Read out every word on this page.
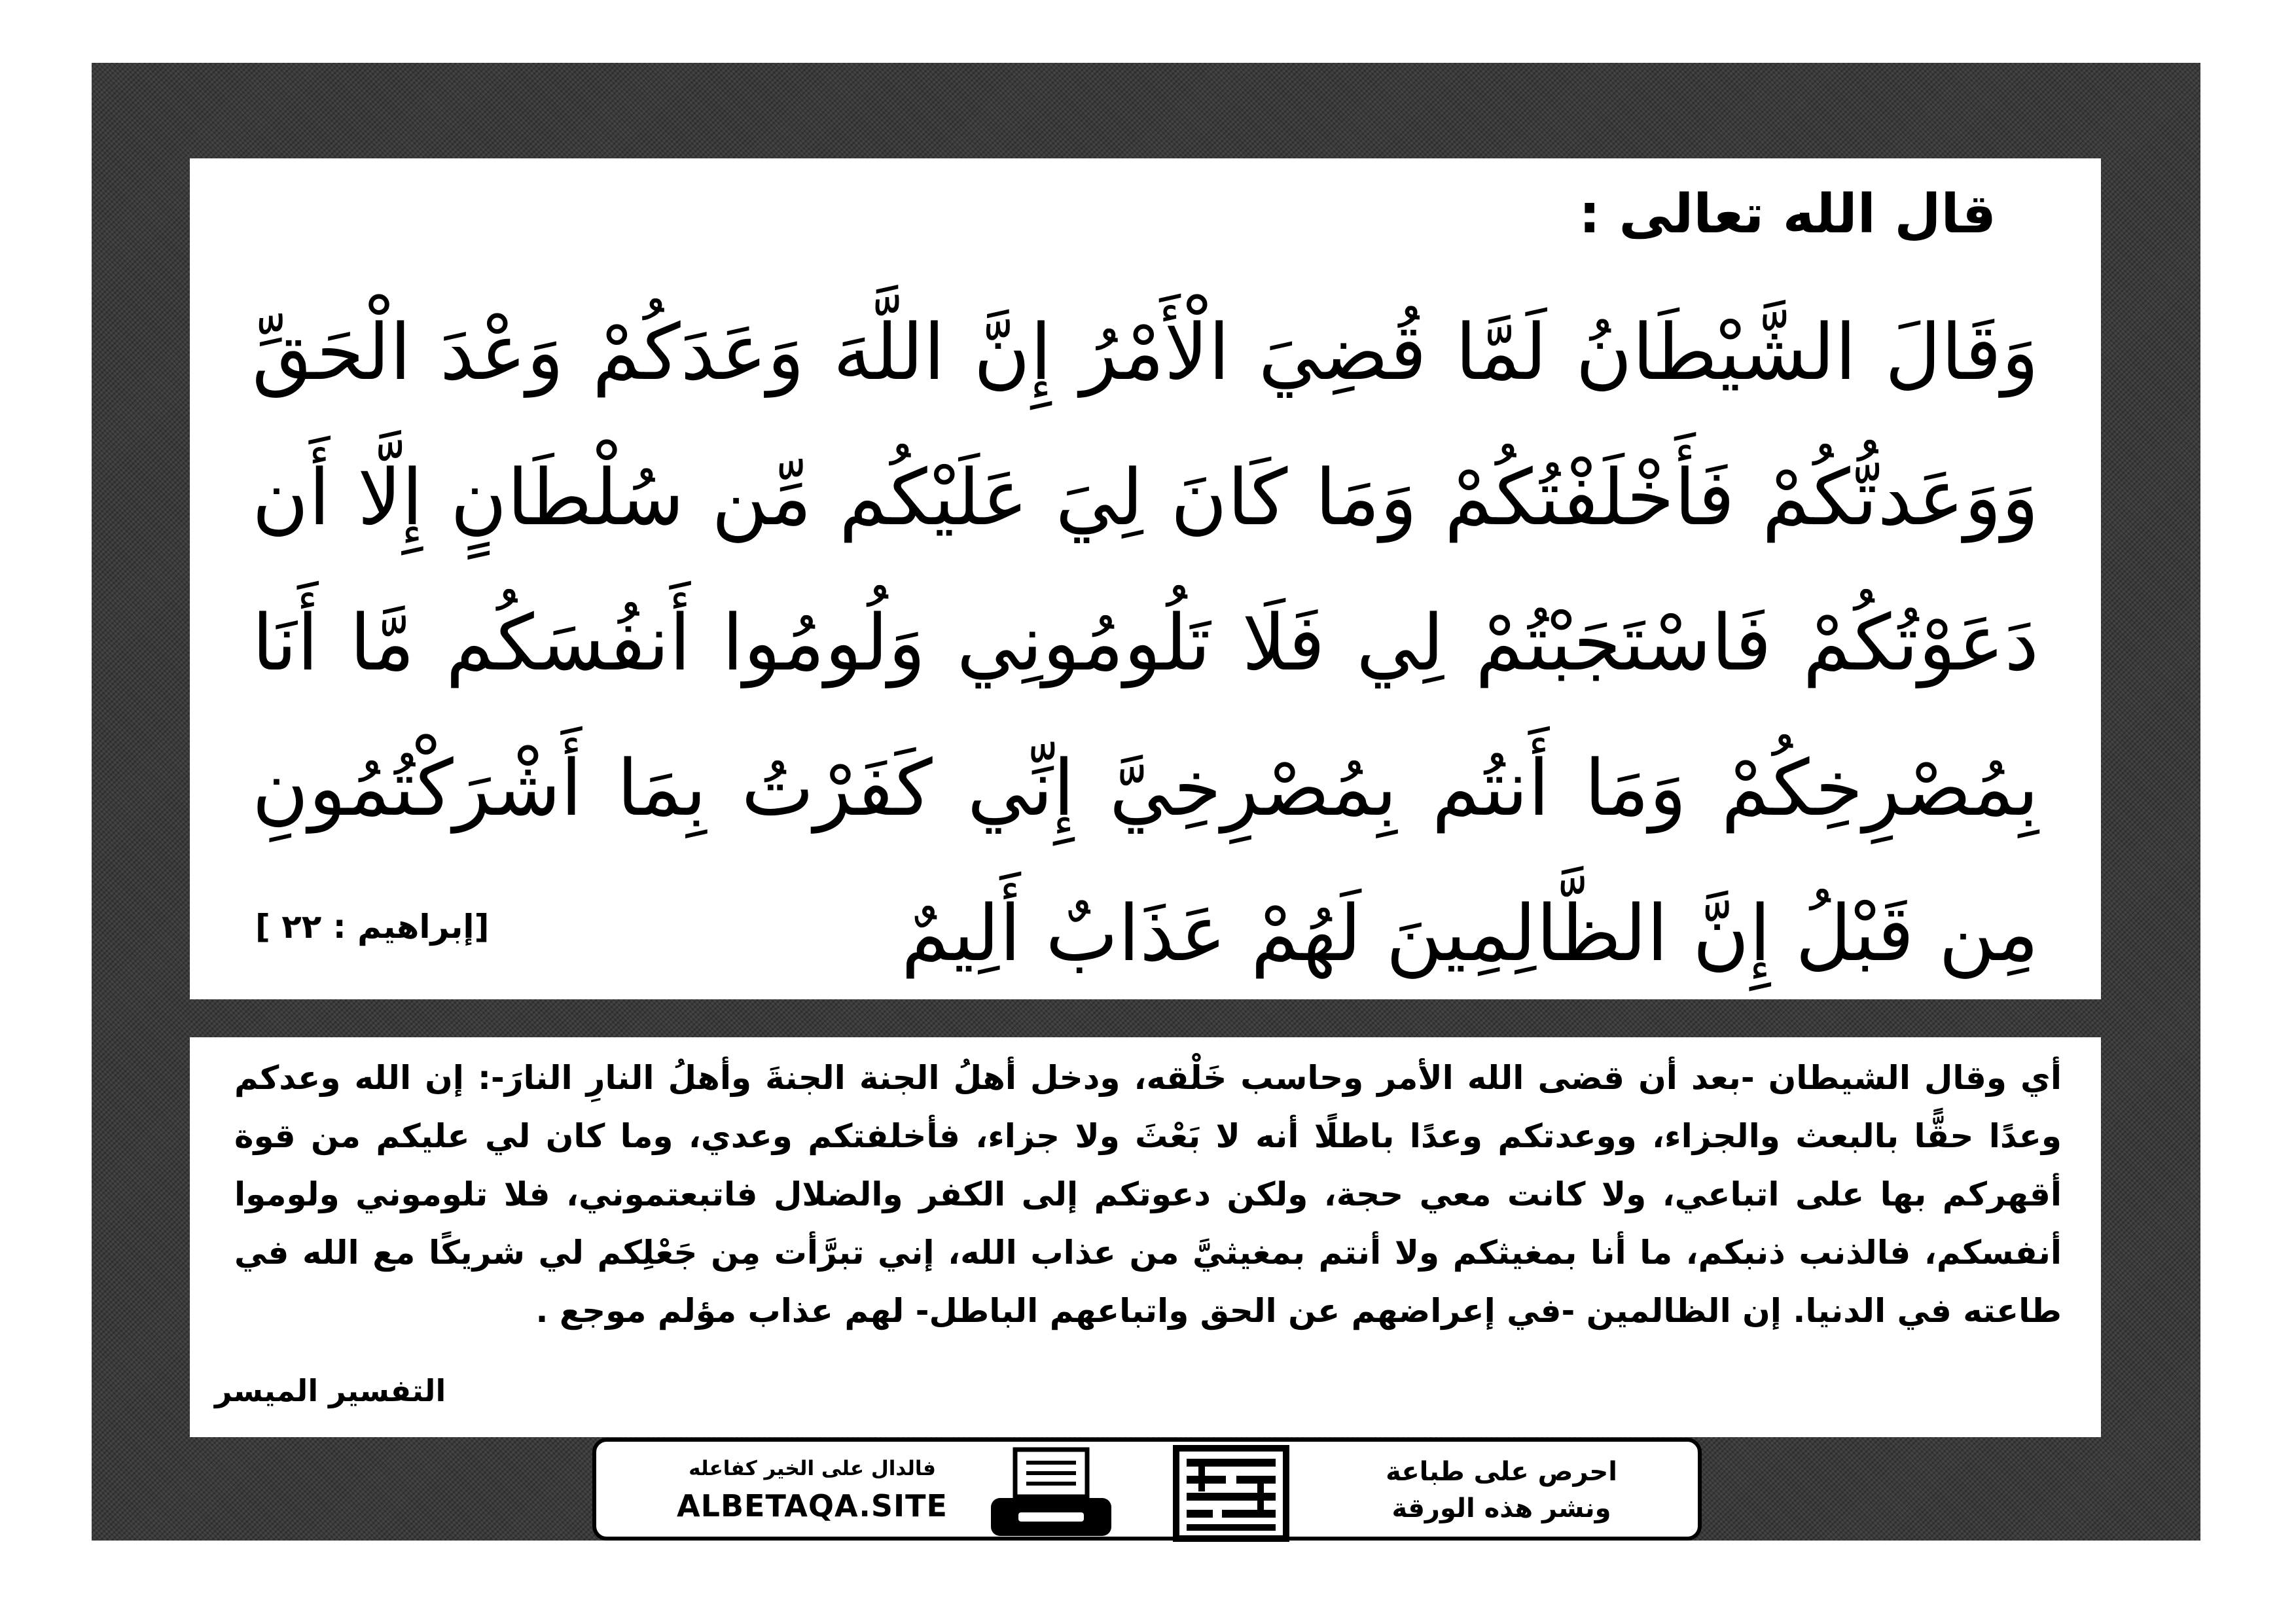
قال الله تعالى :
وَقَالَ الشَّيْطَانُ لَمَّا قُضِيَ الْأَمْرُ إِنَّ اللَّهَ وَعَدَكُمْ وَعْدَ الْحَقِّ وَوَعَدتُّكُمْ فَأَخْلَفْتُكُمْ وَمَا كَانَ لِيَ عَلَيْكُم مِّن سُلْطَانٍ إِلَّا أَن دَعَوْتُكُمْ فَاسْتَجَبْتُمْ لِي فَلَا تَلُومُونِي وَلُومُوا أَنفُسَكُم مَّا أَنَا بِمُصْرِخِكُمْ وَمَا أَنتُم بِمُصْرِخِيَّ إِنِّي كَفَرْتُ بِمَا أَشْرَكْتُمُونِ مِن قَبْلُ إِنَّ الظَّالِمِينَ لَهُمْ عَذَابٌ أَلِيمٌ
[إبراهيم : ٢٢ ]
أي وقال الشيطان -بعد أن قضى الله الأمر وحاسب خَلْقه، ودخل أهلُ الجنة الجنةَ وأهلُ النارِ النارَ-: إن الله وعدكم وعدًا حقًّا بالبعث والجزاء، ووعدتكم وعدًا باطلًا أنه لا بَعْثَ ولا جزاء، فأخلفتكم وعدي، وما كان لي عليكم من قوة أقهركم بها على اتباعي، ولا كانت معي حجة، ولكن دعوتكم إلى الكفر والضلال فاتبعتموني، فلا تلوموني ولوموا أنفسكم، فالذنب ذنبكم، ما أنا بمغيثكم ولا أنتم بمغيثيَّ من عذاب الله، إني تبرَّأت مِن جَعْلِكم لي شريكًا مع الله في طاعته في الدنيا. إن الظالمين -في إعراضهم عن الحق واتباعهم الباطل- لهم عذاب مؤلم موجع .
التفسير الميسر
احرص على طباعة
ونشر هذه الورقة
فالدال على الخير كفاعله
ALBETAQA.SITE
